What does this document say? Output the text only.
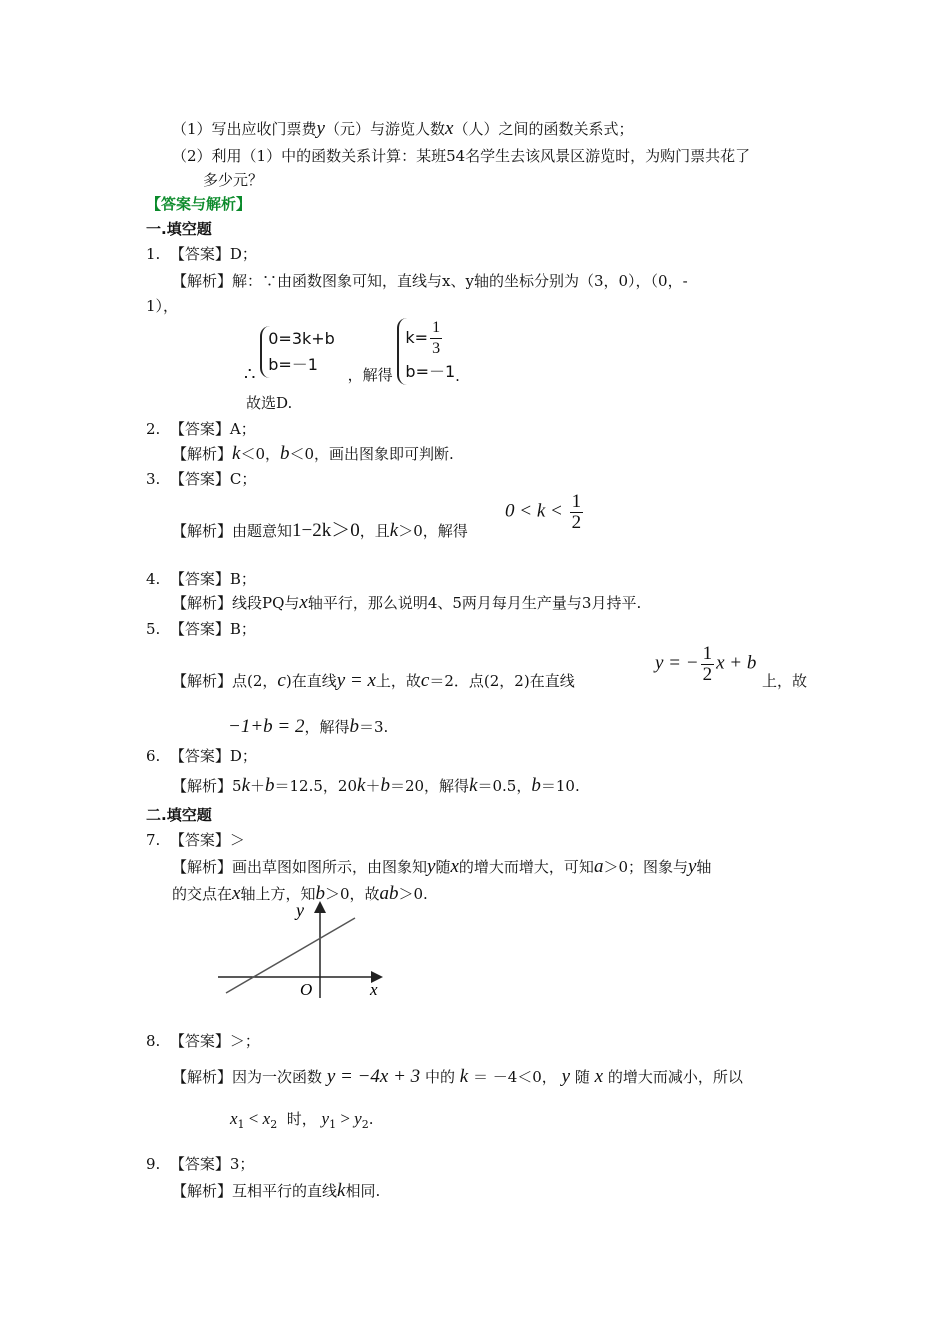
（1）写出应收门票费y（元）与游览人数x（人）之间的函数关系式；
（2）利用（1）中的函数关系计算：某班54名学生去该风景区游览时，为购门票共花了
多少元？
【答案与解析】
一.填空题
1. 【答案】D；
【解析】解：∵由函数图象可知，直线与x、y轴的坐标分别为（3，0），（0，-
1），
∴
0=3k+b
b=－1
，解得
$k= \frac{1}{3}$
b=－1 .
故选D.
2. 【答案】A；
【解析】k＜0，b＜0，画出图象即可判断.
3. 【答案】C；
【解析】由题意知1−2k＞0，且k＞0，解得
$0 < k < \frac{1}{2}$
4. 【答案】B；
【解析】线段PQ与x轴平行，那么说明4、5两月每月生产量与3月持平.
5. 【答案】B；
【解析】点(2，c)在直线y = x上，故c＝2．点(2，2)在直线
y = − $\frac{1}{2}$ x + b
上，故
−1+b = 2，解得b＝3.
6. 【答案】D；
【解析】5k＋b＝12.5，20k＋b＝20，解得k＝0.5，b＝10.
二.填空题
7. 【答案】＞
【解析】画出草图如图所示，由图象知y随x的增大而增大，可知a＞0；图象与y轴
的交点在x轴上方，知b＞0，故ab＞0.
y
x
O
8. 【答案】＞；
【解析】因为一次函数 y = −4x + 3 中的 k ＝ －4＜0， y 随 x 的增大而减小，所以
$x_1 < x_2$ 时， $y_1 > y_2$.
9. 【答案】3；
【解析】互相平行的直线k相同.
